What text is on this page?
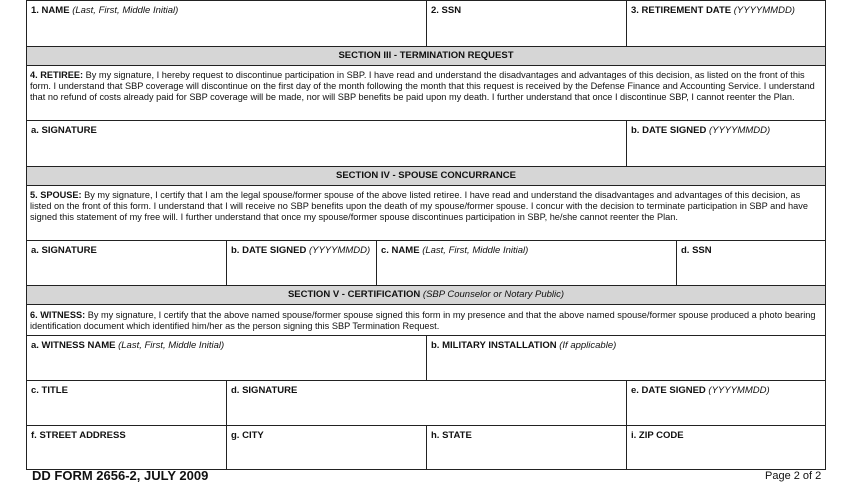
1. NAME (Last, First, Middle Initial)	2. SSN	3. RETIREMENT DATE (YYYYMMDD)
SECTION III - TERMINATION REQUEST
4. RETIREE: By my signature, I hereby request to discontinue participation in SBP. I have read and understand the disadvantages and advantages of this decision, as listed on the front of this form. I understand that SBP coverage will discontinue on the first day of the month following the month that this request is received by the Defense Finance and Accounting Service. I understand that no refund of costs already paid for SBP coverage will be made, nor will SBP benefits be paid upon my death. I further understand that once I discontinue SBP, I cannot reenter the Plan.
a. SIGNATURE	b. DATE SIGNED (YYYYMMDD)
SECTION IV - SPOUSE CONCURRANCE
5. SPOUSE: By my signature, I certify that I am the legal spouse/former spouse of the above listed retiree. I have read and understand the disadvantages and advantages of this decision, as listed on the front of this form. I understand that I will receive no SBP benefits upon the death of my spouse/former spouse. I concur with the decision to terminate participation in SBP and have signed this statement of my free will. I further understand that once my spouse/former spouse discontinues participation in SBP, he/she cannot reenter the Plan.
a. SIGNATURE	b. DATE SIGNED (YYYYMMDD) c. NAME (Last, First, Middle Initial)	d. SSN
SECTION V - CERTIFICATION (SBP Counselor or Notary Public)
6. WITNESS: By my signature, I certify that the above named spouse/former spouse signed this form in my presence and that the above named spouse/former spouse produced a photo bearing identification document which identified him/her as the person signing this SBP Termination Request.
a. WITNESS NAME (Last, First, Middle Initial)	b. MILITARY INSTALLATION (If applicable)
c. TITLE	d. SIGNATURE	e. DATE SIGNED (YYYYMMDD)
f. STREET ADDRESS	g. CITY	h. STATE	i. ZIP CODE
DD FORM 2656-2, JULY 2009	Page 2 of 2
